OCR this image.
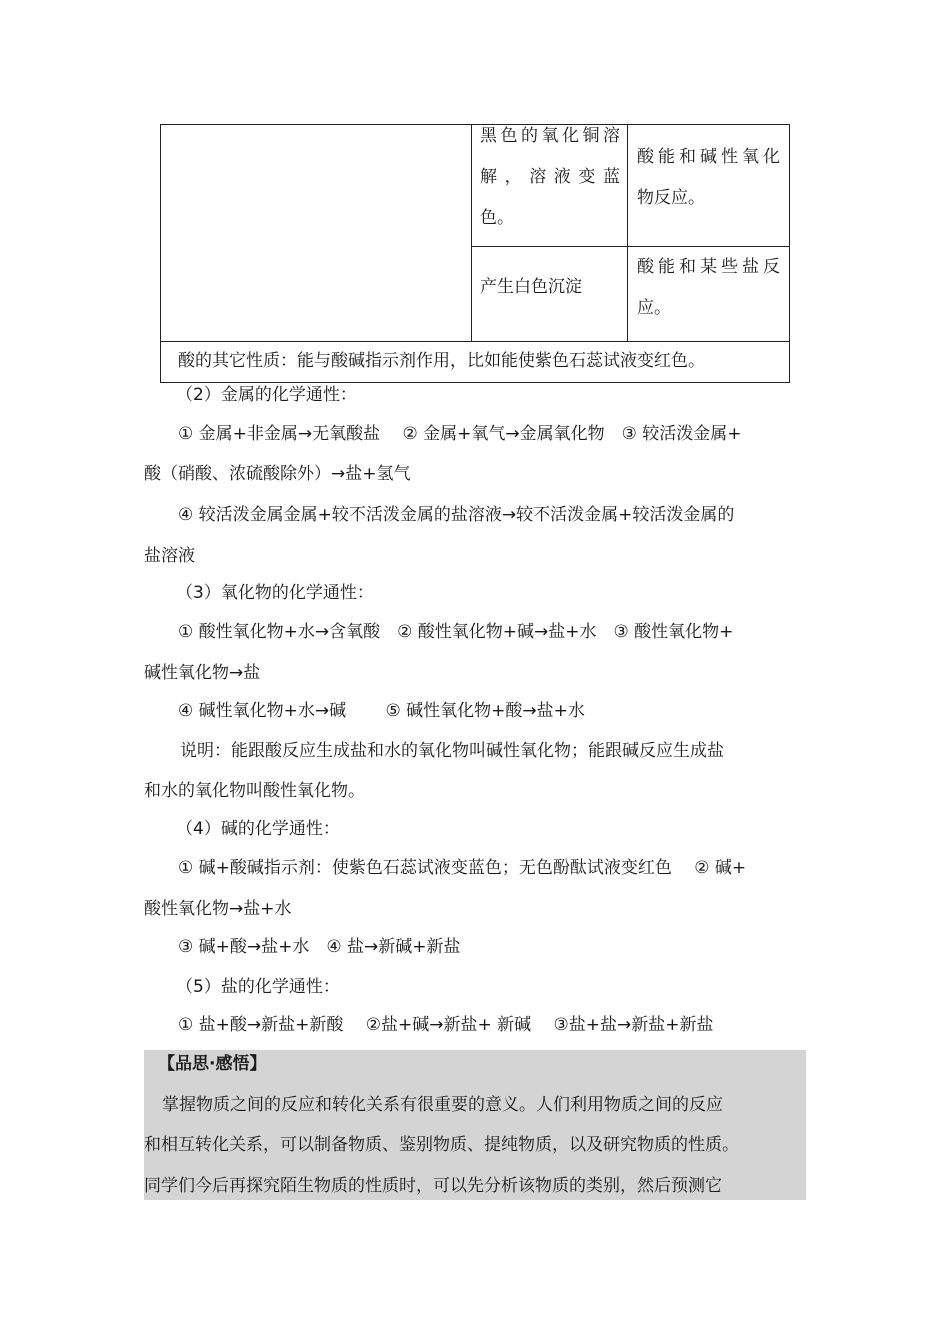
黑色的氧化铜溶
解，溶液变蓝
色。
酸能和碱性氧化
物反应。
产生白色沉淀
酸能和某些盐反
应。
酸的其它性质：能与酸碱指示剂作用，比如能使紫色石蕊试液变红色。
（2）金属的化学通性：
① 金属+非金属→无氧酸盐　 ② 金属+氧气→金属氧化物　③ 较活泼金属+
酸（硝酸、浓硫酸除外）→盐+氢气
④ 较活泼金属金属+较不活泼金属的盐溶液→较不活泼金属+较活泼金属的
盐溶液
（3）氧化物的化学通性：
① 酸性氧化物+水→含氧酸　② 酸性氧化物+碱→盐+水　③ 酸性氧化物+
碱性氧化物→盐
④ 碱性氧化物+水→碱　　 ⑤ 碱性氧化物+酸→盐+水
说明：能跟酸反应生成盐和水的氧化物叫碱性氧化物；能跟碱反应生成盐
和水的氧化物叫酸性氧化物。
（4）碱的化学通性：
① 碱+酸碱指示剂：使紫色石蕊试液变蓝色；无色酚酞试液变红色　 ② 碱+
酸性氧化物→盐+水
③ 碱+酸→盐+水　④ 盐→新碱+新盐
（5）盐的化学通性：
① 盐+酸→新盐+新酸　 ②盐+碱→新盐+ 新碱　 ③盐+盐→新盐+新盐
【品思·感悟】
掌握物质之间的反应和转化关系有很重要的意义。人们利用物质之间的反应
和相互转化关系，可以制备物质、鉴别物质、提纯物质，以及研究物质的性质。
同学们今后再探究陌生物质的性质时，可以先分析该物质的类别，然后预测它
